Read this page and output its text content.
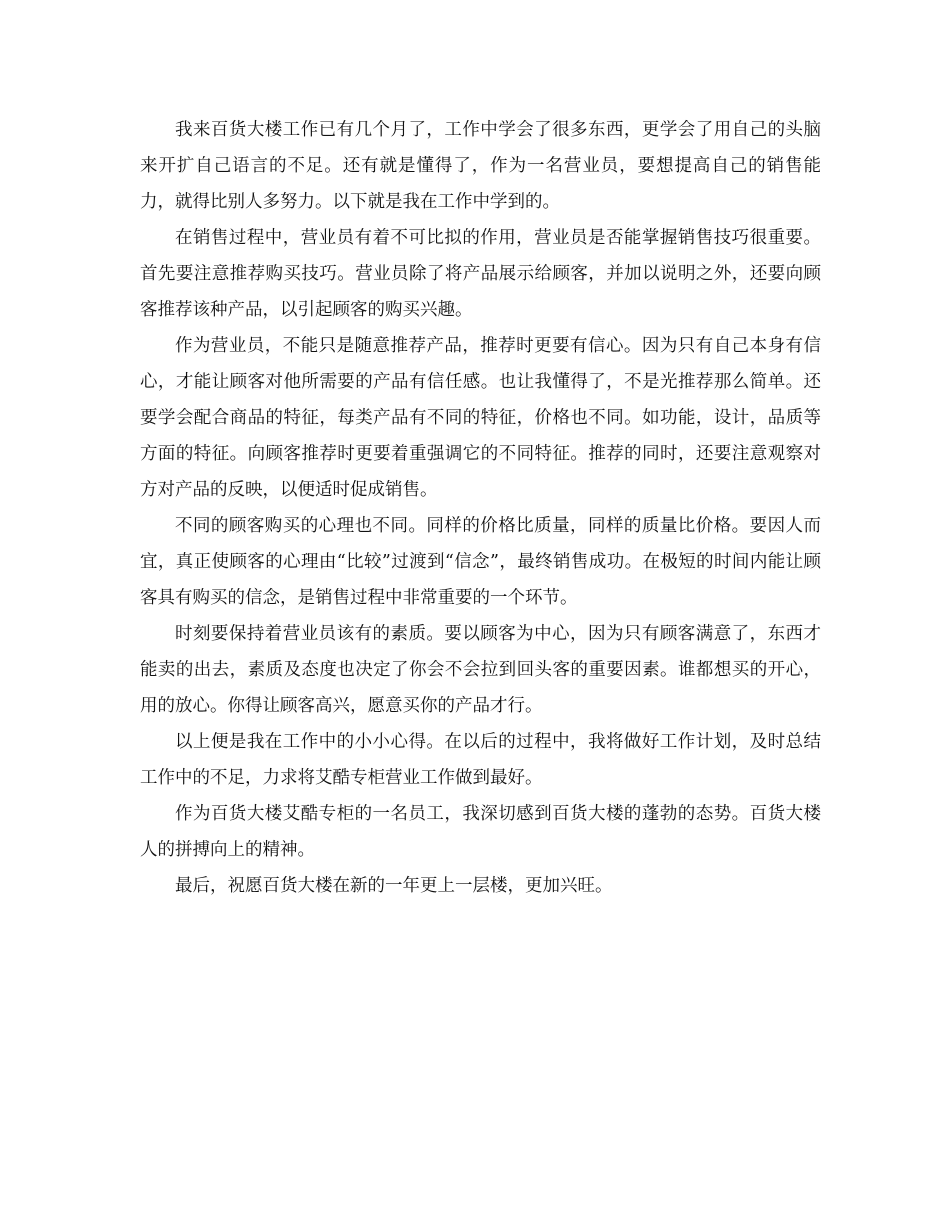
我来百货大楼工作已有几个月了，工作中学会了很多东西，更学会了用自己的头脑来开扩自己语言的不足。还有就是懂得了，作为一名营业员，要想提高自己的销售能力，就得比别人多努力。以下就是我在工作中学到的。

在销售过程中，营业员有着不可比拟的作用，营业员是否能掌握销售技巧很重要。首先要注意推荐购买技巧。营业员除了将产品展示给顾客，并加以说明之外，还要向顾客推荐该种产品，以引起顾客的购买兴趣。

作为营业员，不能只是随意推荐产品，推荐时更要有信心。因为只有自己本身有信心，才能让顾客对他所需要的产品有信任感。也让我懂得了，不是光推荐那么简单。还要学会配合商品的特征，每类产品有不同的特征，价格也不同。如功能，设计，品质等方面的特征。向顾客推荐时更要着重强调它的不同特征。推荐的同时，还要注意观察对方对产品的反映，以便适时促成销售。

不同的顾客购买的心理也不同。同样的价格比质量，同样的质量比价格。要因人而宜，真正使顾客的心理由“比较”过渡到“信念”，最终销售成功。在极短的时间内能让顾客具有购买的信念，是销售过程中非常重要的一个环节。

时刻要保持着营业员该有的素质。要以顾客为中心，因为只有顾客满意了，东西才能卖的出去，素质及态度也决定了你会不会拉到回头客的重要因素。谁都想买的开心，用的放心。你得让顾客高兴，愿意买你的产品才行。

以上便是我在工作中的小小心得。在以后的过程中，我将做好工作计划，及时总结工作中的不足，力求将艾酷专柜营业工作做到最好。

作为百货大楼艾酷专柜的一名员工，我深切感到百货大楼的蓬勃的态势。百货大楼人的拼搏向上的精神。

最后，祝愿百货大楼在新的一年更上一层楼，更加兴旺。
